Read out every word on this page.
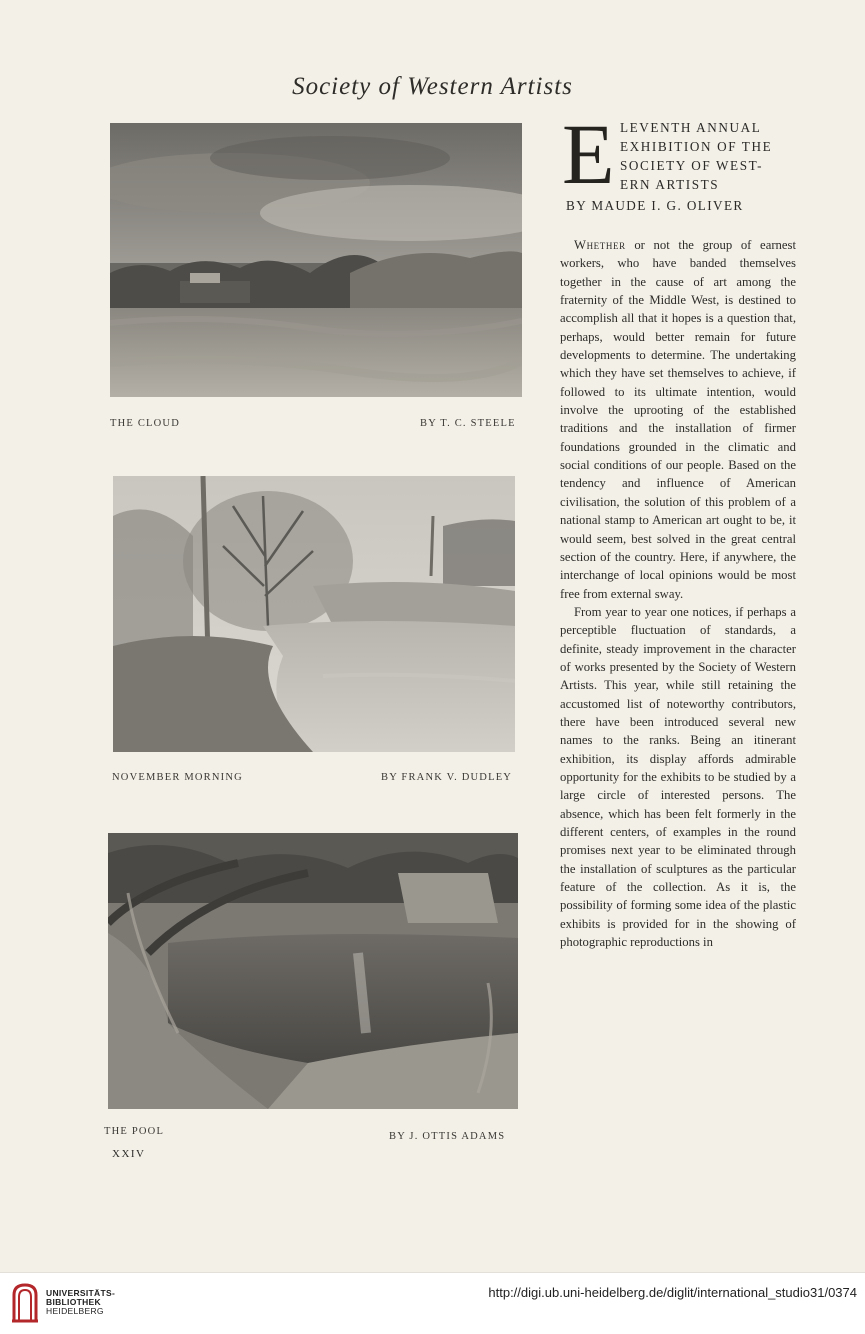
Society of Western Artists
THE CLOUD	BY T. C. STEELE
NOVEMBER MORNING	BY FRANK V. DUDLEY
THE POOL	BY J. OTTIS ADAMS
XXIV
E LEVENTH ANNUAL
EXHIBITION OF THE
SOCIETY OF WEST-
ERN ARTISTS
BY MAUDE I. G. OLIVER

Whether or not the group of earnest workers, who have banded themselves together in the cause of art among the fraternity of the Middle West, is destined to accomplish all that it hopes is a question that, perhaps, would better remain for future developments to determine. The undertaking which they have set themselves to achieve, if followed to its ultimate intention, would involve the uprooting of the established traditions and the installation of firmer foundations grounded in the climatic and social conditions of our people. Based on the tendency and influence of American civilisation, the solution of this problem of a national stamp to American art ought to be, it would seem, best solved in the great central section of the country. Here, if anywhere, the interchange of local opinions would be most free from external sway.

From year to year one notices, if perhaps a perceptible fluctuation of standards, a definite, steady improvement in the character of works presented by the Society of Western Artists. This year, while still retaining the accustomed list of noteworthy contributors, there have been introduced several new names to the ranks. Being an itinerant exhibition, its display affords admirable opportunity for the exhibits to be studied by a large circle of interested persons. The absence, which has been felt formerly in the different centers, of examples in the round promises next year to be eliminated through the installation of sculptures as the particular feature of the collection. As it is, the possibility of forming some idea of the plastic exhibits is provided for in the showing of photographic reproductions in

UNIVERSITÄTS-
BIBLIOTHEK
HEIDELBERG
http://digi.ub.uni-heidelberg.de/diglit/international_studio31/0374
